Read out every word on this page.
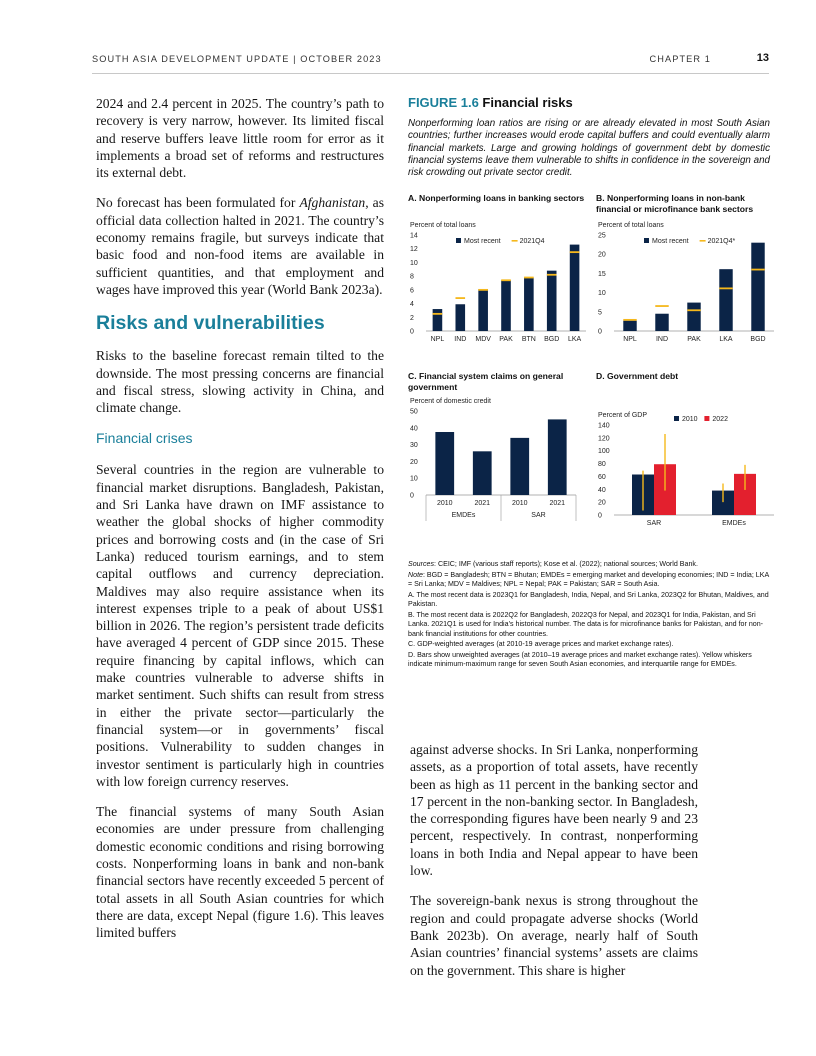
SOUTH ASIA DEVELOPMENT UPDATE | OCTOBER 2023	CHAPTER 1	13

2024 and 2.4 percent in 2025. The country’s path to recovery is very narrow, however. Its limited fiscal and reserve buffers leave little room for error as it implements a broad set of reforms and restructures its external debt.

No forecast has been formulated for Afghanistan, as official data collection halted in 2021. The country’s economy remains fragile, but surveys indicate that basic food and non-food items are available in sufficient quantities, and that employment and wages have improved this year (World Bank 2023a).

Risks and vulnerabilities

Risks to the baseline forecast remain tilted to the downside. The most pressing concerns are financial and fiscal stress, slowing activity in China, and climate change.

Financial crises

Several countries in the region are vulnerable to financial market disruptions. Bangladesh, Pakistan, and Sri Lanka have drawn on IMF assistance to weather the global shocks of higher commodity prices and borrowing costs and (in the case of Sri Lanka) reduced tourism earnings, and to stem capital outflows and currency depreciation. Maldives may also require assistance when its interest expenses triple to a peak of about US$1 billion in 2026. The region’s persistent trade deficits have averaged 4 percent of GDP since 2015. These require financing by capital inflows, which can make countries vulnerable to adverse shifts in market sentiment. Such shifts can result from stress in either the private sector—particularly the financial system—or in governments’ fiscal positions. Vulnerability to sudden changes in investor sentiment is particularly high in countries with low foreign currency reserves.

The financial systems of many South Asian economies are under pressure from challenging domestic economic conditions and rising borrowing costs. Nonperforming loans in bank and non-bank financial sectors have recently exceeded 5 percent of total assets in all South Asian countries for which there are data, except Nepal (figure 1.6). This leaves limited buffers

FIGURE 1.6 Financial risks
Nonperforming loan ratios are rising or are already elevated in most South Asian countries; further increases would erode capital buffers and could eventually alarm financial markets. Large and growing holdings of government debt by domestic financial systems leave them vulnerable to shifts in confidence in the sovereign and risk crowding out private sector credit.
A. Nonperforming loans in banking sectors
Percent of total loans
0
2
4
6
8
10
12
14
NPL IND MDV PAK BTN BGD LKA
Most recent	2021Q4
B. Nonperforming loans in non-bank financial or microfinance bank sectors
Percent of total loans
0
5
10
15
20
25
NPL	IND	PAK	LKA	BGD
Most recent	2021Q4*
C. Financial system claims on general government
Percent of domestic credit
0
10
20
30
40
50
2010	2021	2010	2021
EMDEs	SAR
D. Government debt
Percent of GDP
0
20
40
60
80
100
120
140
SAR	EMDEs
2010 2022

Sources: CEIC; IMF (various staff reports); Kose et al. (2022); national sources; World Bank.

Note: BGD = Bangladesh; BTN = Bhutan; EMDEs = emerging market and developing economies; IND = India; LKA = Sri Lanka; MDV = Maldives; NPL = Nepal; PAK = Pakistan; SAR = South Asia.

A. The most recent data is 2023Q1 for Bangladesh, India, Nepal, and Sri Lanka, 2023Q2 for Bhutan, Maldives, and Pakistan.

B. The most recent data is 2022Q2 for Bangladesh, 2022Q3 for Nepal, and 2023Q1 for India, Pakistan, and Sri Lanka. 2021Q1 is used for India’s historical number. The data is for microfinance banks for Pakistan, and for non-bank financial institutions for other countries.

C. GDP-weighted averages (at 2010-19 average prices and market exchange rates).

D. Bars show unweighted averages (at 2010–19 average prices and market exchange rates). Yellow whiskers indicate minimum-maximum range for seven South Asian economies, and interquartile range for EMDEs.

against adverse shocks. In Sri Lanka, nonperforming assets, as a proportion of total assets, have recently been as high as 11 percent in the banking sector and 17 percent in the non-banking sector. In Bangladesh, the corresponding figures have been nearly 9 and 23 percent, respectively. In contrast, nonperforming loans in both India and Nepal appear to have been low.

The sovereign-bank nexus is strong throughout the region and could propagate adverse shocks (World Bank 2023b). On average, nearly half of South Asian countries’ financial systems’ assets are claims on the government. This share is higher
